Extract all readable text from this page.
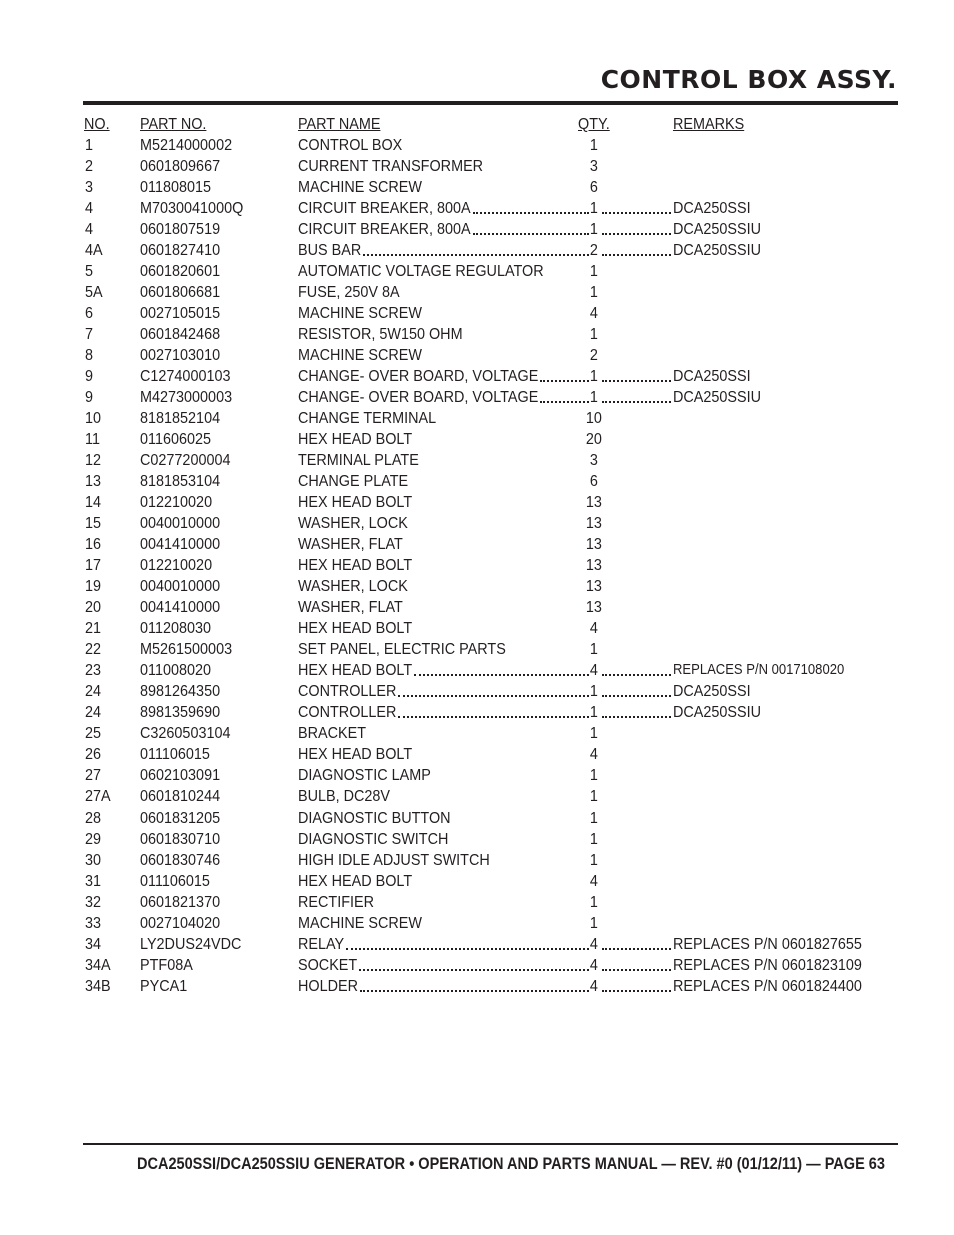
CONTROL BOX ASSY.
NO. PART NO.	PART NAME	QTY.	REMARKS
1	M5214000002	CONTROL BOX	1
2	0601809667	CURRENT TRANSFORMER	3
3	011808015	MACHINE SCREW	6
4	M7030041000Q	CIRCUIT BREAKER, 800A	1	DCA250SSI
4	0601807519	CIRCUIT BREAKER, 800A	1	DCA250SSIU
4A 0601827410	BUS BAR	2	DCA250SSIU
5	0601820601	AUTOMATIC VOLTAGE REGULATOR	1
5A 0601806681	FUSE, 250V 8A	1
6	0027105015	MACHINE SCREW	4
7	0601842468	RESISTOR, 5W150 OHM	1
8	0027103010	MACHINE SCREW	2
9	C1274000103	CHANGE- OVER BOARD, VOLTAGE	1	DCA250SSI
9	M4273000003	CHANGE- OVER BOARD, VOLTAGE	1	DCA250SSIU
10 8181852104	CHANGE TERMINAL	10
11	011606025	HEX HEAD BOLT	20
12 C0277200004	TERMINAL PLATE	3
13 8181853104	CHANGE PLATE	6
14 012210020	HEX HEAD BOLT	13
15 0040010000	WASHER, LOCK	13
16 0041410000	WASHER, FLAT	13
17 012210020	HEX HEAD BOLT	13
19 0040010000	WASHER, LOCK	13
20 0041410000	WASHER, FLAT	13
21 011208030	HEX HEAD BOLT	4
22 M5261500003	SET PANEL, ELECTRIC PARTS	1
23 011008020	HEX HEAD BOLT	4	REPLACES P/N 0017108020
24 8981264350	CONTROLLER	1	DCA250SSI
24 8981359690	CONTROLLER	1	DCA250SSIU
25 C3260503104	BRACKET	1
26 011106015	HEX HEAD BOLT	4
27 0602103091	DIAGNOSTIC LAMP	1
27A 0601810244	BULB, DC28V	1
28 0601831205	DIAGNOSTIC BUTTON	1
29 0601830710	DIAGNOSTIC SWITCH	1
30 0601830746	HIGH IDLE ADJUST SWITCH	1
31 011106015	HEX HEAD BOLT	4
32 0601821370	RECTIFIER	1
33 0027104020	MACHINE SCREW	1
34 LY2DUS24VDC	RELAY	4	REPLACES P/N 0601827655
34A PTF08A	SOCKET	4	REPLACES P/N 0601823109
34B PYCA1	HOLDER	4	REPLACES P/N 0601824400
DCA250SSI/DCA250SSIU GENERATOR • OPERATION AND PARTS MANUAL — REV. #0 (01/12/11) — PAGE 63
